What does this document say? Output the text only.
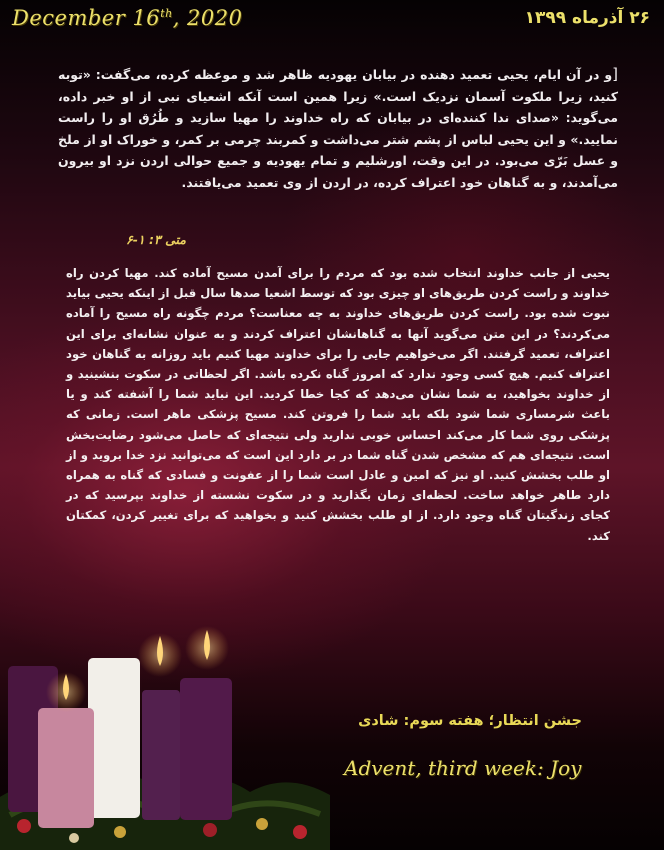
December 16th, 2020	۲۶ آذرماه ۱۳۹۹
[و در آن ایام، یحیی تعمید دهنده در بیابان یهودیه ظاهر شد و موعظه کرده، می‌گفت: «توبه کنید، زیرا ملکوت آسمان نزدیک است.» زیرا همین است آنکه اشعیای نبی از او خبر داده، می‌گوید: «صدای ندا کننده‌ای در بیابان که راه خداوند را مهیا سازید و طُرُق او را راست نمایید.» و این یحیی لباس از پشم شتر می‌داشت و کمربند چرمی بر کمر، و خوراک او از ملخ و عسل بَرّی می‌بود. در این وقت، اورشلیم و تمام یهودیه و جمیع حوالی اردن نزد او بیرون می‌آمدند، و به گناهان خود اعتراف کرده، در اردن از وی تعمید می‌یافتند.
متی ۳: ۱-۶
یحیی از جانب خداوند انتخاب شده بود که مردم را برای آمدن مسیح آماده کند. مهیا کردن راه خداوند و راست کردن طریق‌های او چیزی بود که توسط اشعیا صدها سال قبل از اینکه یحیی بیاید نبوت شده بود. راست کردن طریق‌های خداوند به چه معناست؟ مردم چگونه راه مسیح را آماده می‌کردند؟ در این متن می‌گوید آنها به گناهانشان اعتراف کردند و به عنوان نشانه‌ای برای این اعتراف، تعمید گرفتند. اگر می‌خواهیم جایی را برای خداوند مهیا کنیم باید روزانه به گناهان خود اعتراف کنیم. هیچ کسی وجود ندارد که امروز گناه نکرده باشد. اگر لحظاتی در سکوت بنشینید و از خداوند بخواهید، به شما نشان می‌دهد که کجا خطا کردید. این نباید شما را آشفته کند و یا باعث شرمساری شما شود بلکه باید شما را فروتن کند. مسیح پزشکی ماهر است. زمانی که پزشکی روی شما کار می‌کند احساس خوبی ندارید ولی نتیجه‌ای که حاصل می‌شود رضایت‌بخش است. نتیجه‌ای هم که مشخص شدن گناه شما در بر دارد این است که می‌توانید نزد خدا بروید و از او طلب بخشش کنید. او نیز که امین و عادل است شما را از عفونت و فسادی که گناه به همراه دارد طاهر خواهد ساخت. لحظه‌ای زمان بگذارید و در سکوت نشسته از خداوند بپرسید که در کجای زندگیتان گناه وجود دارد. از او طلب بخشش کنید و بخواهید که برای تغییر کردن، کمکتان کند.
جشن انتظار؛ هفته سوم: شادی
Advent, third week: Joy
